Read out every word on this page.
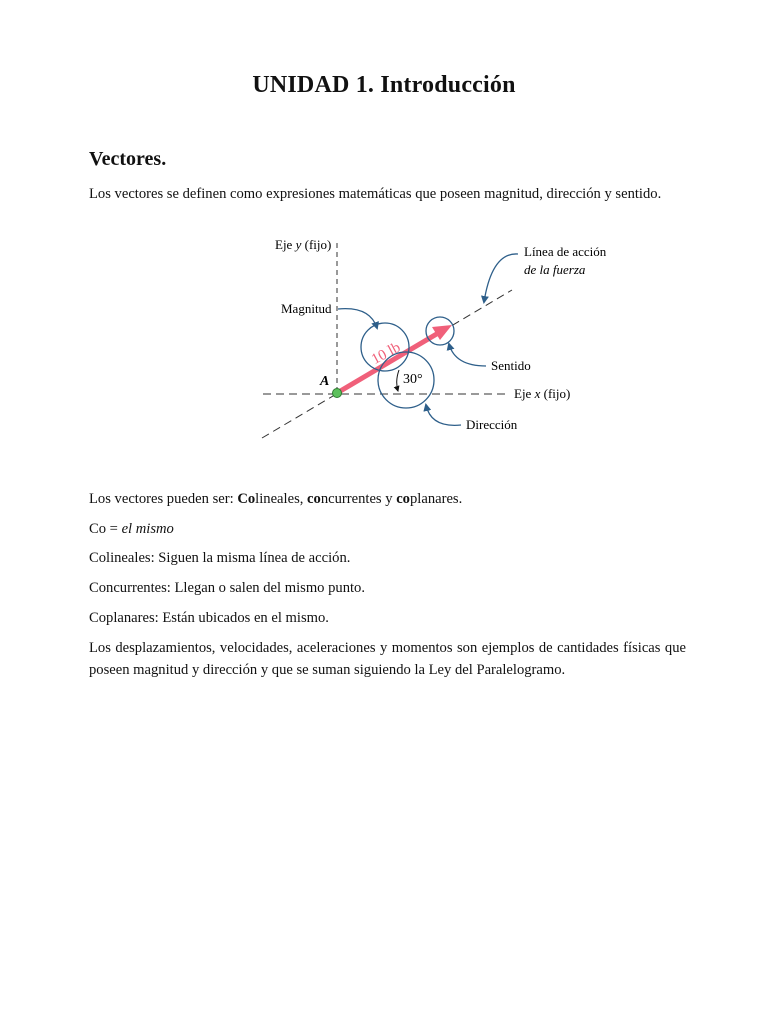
UNIDAD 1. Introducción
Vectores.

Los vectores se definen como expresiones matemáticas que poseen magnitud, dirección y sentido.

A
10 lb
30°
Eje y (fijo)
Magnitud
Línea de acción
de la fuerza
Sentido
Eje x (fijo)
Dirección

Los vectores pueden ser: Colineales, concurrentes y coplanares.

Co = el mismo

Colineales: Siguen la misma línea de acción.

Concurrentes: Llegan o salen del mismo punto.

Coplanares: Están ubicados en el mismo.

Los desplazamientos, velocidades, aceleraciones y momentos son ejemplos de cantidades físicas que poseen magnitud y dirección y que se suman siguiendo la Ley del Paralelogramo.
